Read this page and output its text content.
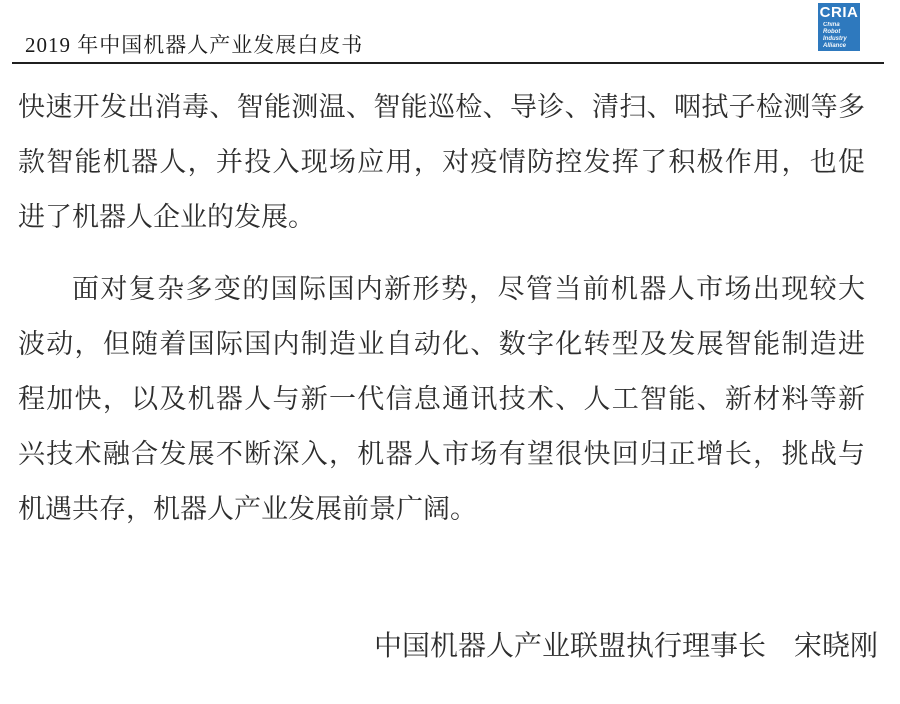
2019 年中国机器人产业发展白皮书
CRIA
China
Robot
Industry
Alliance
快速开发出消毒、智能测温、智能巡检、导诊、清扫、咽拭子检测等多
款智能机器人，并投入现场应用，对疫情防控发挥了积极作用，也促
进了机器人企业的发展。
面对复杂多变的国际国内新形势，尽管当前机器人市场出现较大
波动，但随着国际国内制造业自动化、数字化转型及发展智能制造进
程加快，以及机器人与新一代信息通讯技术、人工智能、新材料等新
兴技术融合发展不断深入，机器人市场有望很快回归正增长，挑战与
机遇共存，机器人产业发展前景广阔。
中国机器人产业联盟执行理事长　宋晓刚
